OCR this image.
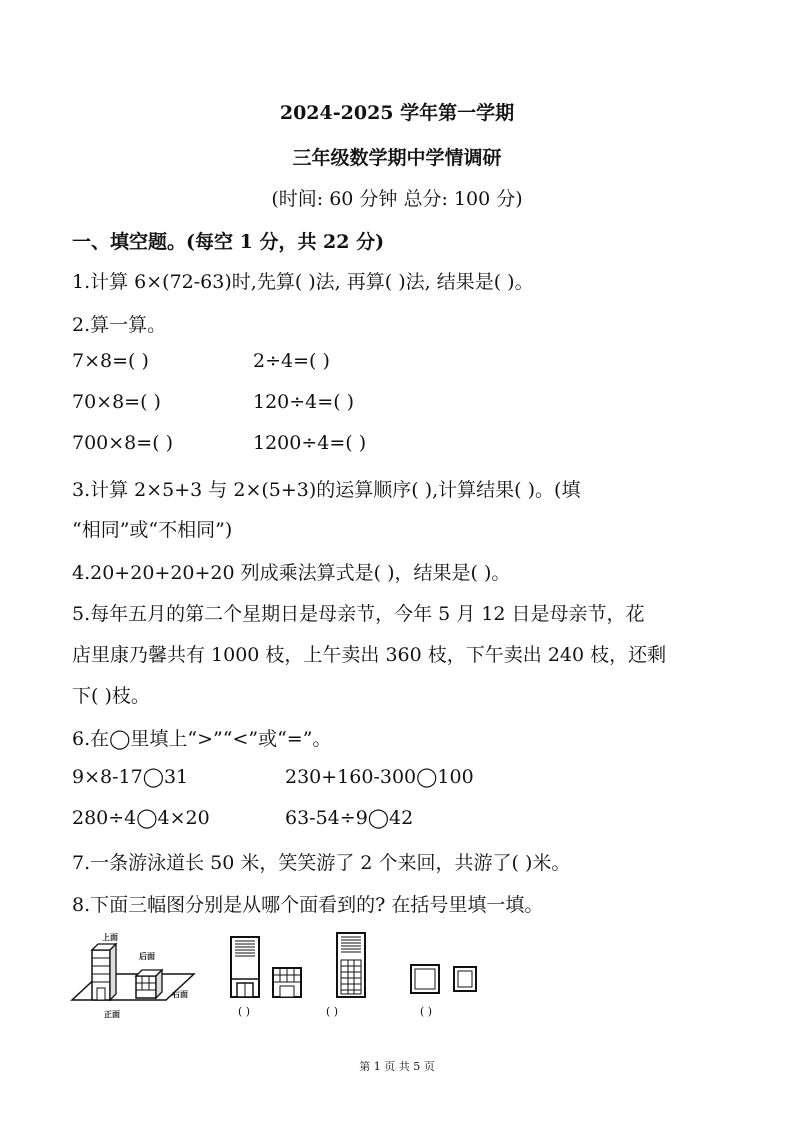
2024-2025 学年第一学期
三年级数学期中学情调研
(时间: 60 分钟 总分: 100 分)
一、填空题。(每空 1 分，共 22 分)
1.计算 6×(72-63)时,先算( )法, 再算( )法, 结果是( )。
2.算一算。
7×8=( )	2÷4=( )
70×8=( )	120÷4=( )
700×8=( )	1200÷4=( )
3.计算 2×5+3 与 2×(5+3)的运算顺序( ),计算结果( )。(填
“相同”或“不相同”)
4.20+20+20+20 列成乘法算式是( )，结果是( )。
5.每年五月的第二个星期日是母亲节，今年 5 月 12 日是母亲节，花
店里康乃馨共有 1000 枝，上午卖出 360 枝，下午卖出 240 枝，还剩
下( )枝。
6.在◯里填上“>”“<”或“=”。
9×8-17◯31	230+160-300◯100
280÷4◯4×20	63-54÷9◯42
7.一条游泳道长 50 米，笑笑游了 2 个来回，共游了( )米。
8.下面三幅图分别是从哪个面看到的? 在括号里填一填。
上面
后面
右面
正面	( )	( )	( )
第 1 页 共 5 页
